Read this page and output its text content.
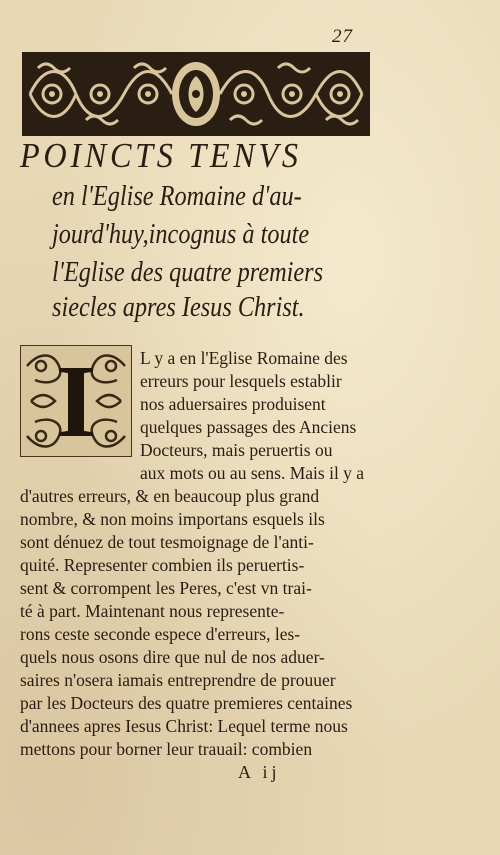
27
POINCTS TENVS
en l'Eglise Romaine d'au-
jourd'huy,incognus à toute
l'Eglise des quatre premiers
siecles apres Iesus Christ.
I	L y a en l'Eglise Romaine des
erreurs pour lesquels establir
nos aduersaires produisent
quelques passages des Anciens
Docteurs, mais peruertis ou
aux mots ou au sens. Mais il y a
d'autres erreurs, & en beaucoup plus grand
nombre, & non moins importans esquels ils
sont dénuez de tout tesmoignage de l'anti-
quité. Representer combien ils peruertis-
sent & corrompent les Peres, c'est vn trai-
té à part. Maintenant nous represente-
rons ceste seconde espece d'erreurs, les-
quels nous osons dire que nul de nos aduer-
saires n'osera iamais entreprendre de prouuer
par les Docteurs des quatre premieres centaines
d'annees apres Iesus Christ: Lequel terme nous
mettons pour borner leur trauail: combien
A ij
